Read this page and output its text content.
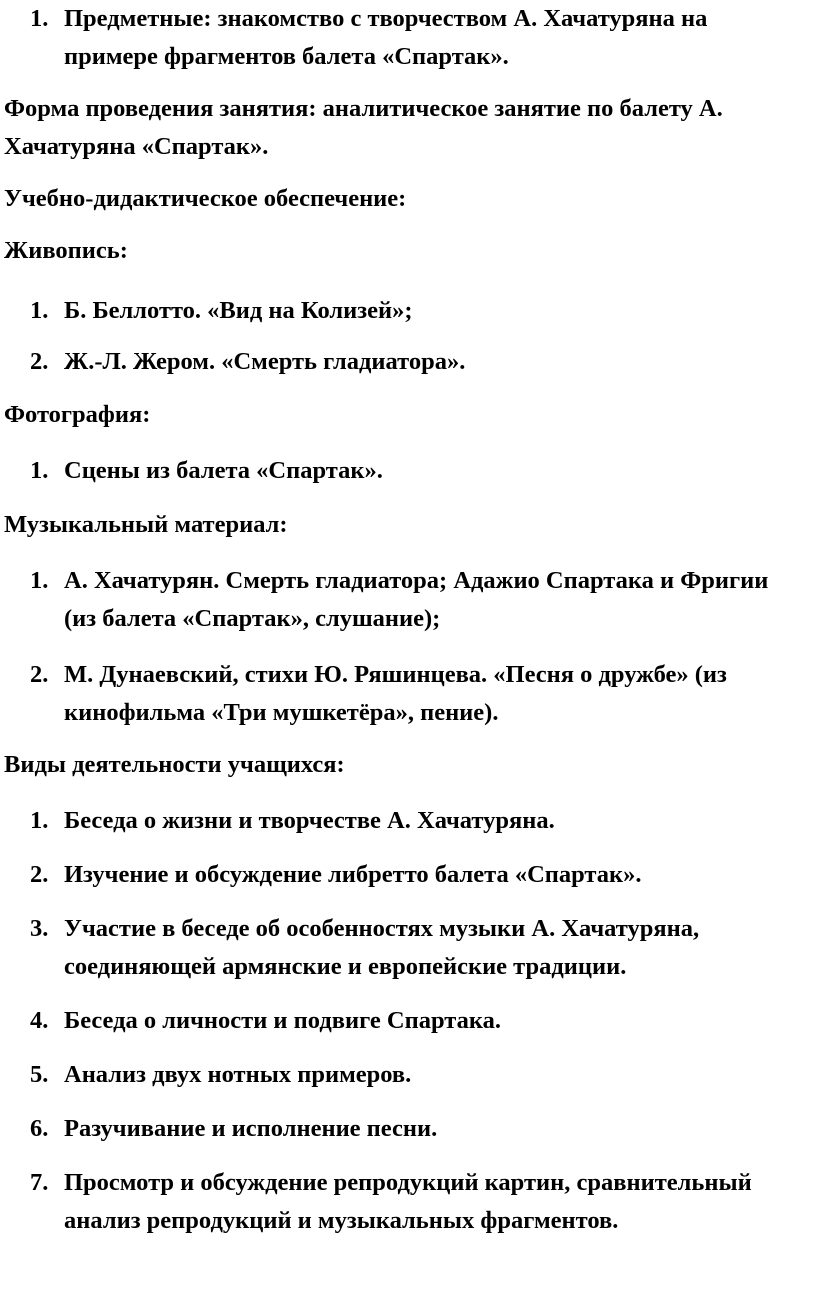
1. Предметные: знакомство с творчеством А. Хачатуряна на примере фрагментов балета «Спартак».

Форма проведения занятия: аналитическое занятие по балету А. Хачатуряна «Спартак».

Учебно-дидактическое обеспечение:

Живопись:

1. Б. Беллотто. «Вид на Колизей»;
2. Ж.-Л. Жером. «Смерть гладиатора».

Фотография:

1. Сцены из балета «Спартак».

Музыкальный материал:

1. А. Хачатурян. Смерть гладиатора; Адажио Спартака и Фригии (из балета «Спартак», слушание);
2. М. Дунаевский, стихи Ю. Ряшинцева. «Песня о дружбе» (из кинофильма «Три мушкетёра», пение).

Виды деятельности учащихся:

1. Беседа о жизни и творчестве А. Хачатуряна.
2. Изучение и обсуждение либретто балета «Спартак».
3. Участие в беседе об особенностях музыки А. Хачатуряна, соединяющей армянские и европейские традиции.
4. Беседа о личности и подвиге Спартака.
5. Анализ двух нотных примеров.
6. Разучивание и исполнение песни.
7. Просмотр и обсуждение репродукций картин, сравнительный анализ репродукций и музыкальных фрагментов.
